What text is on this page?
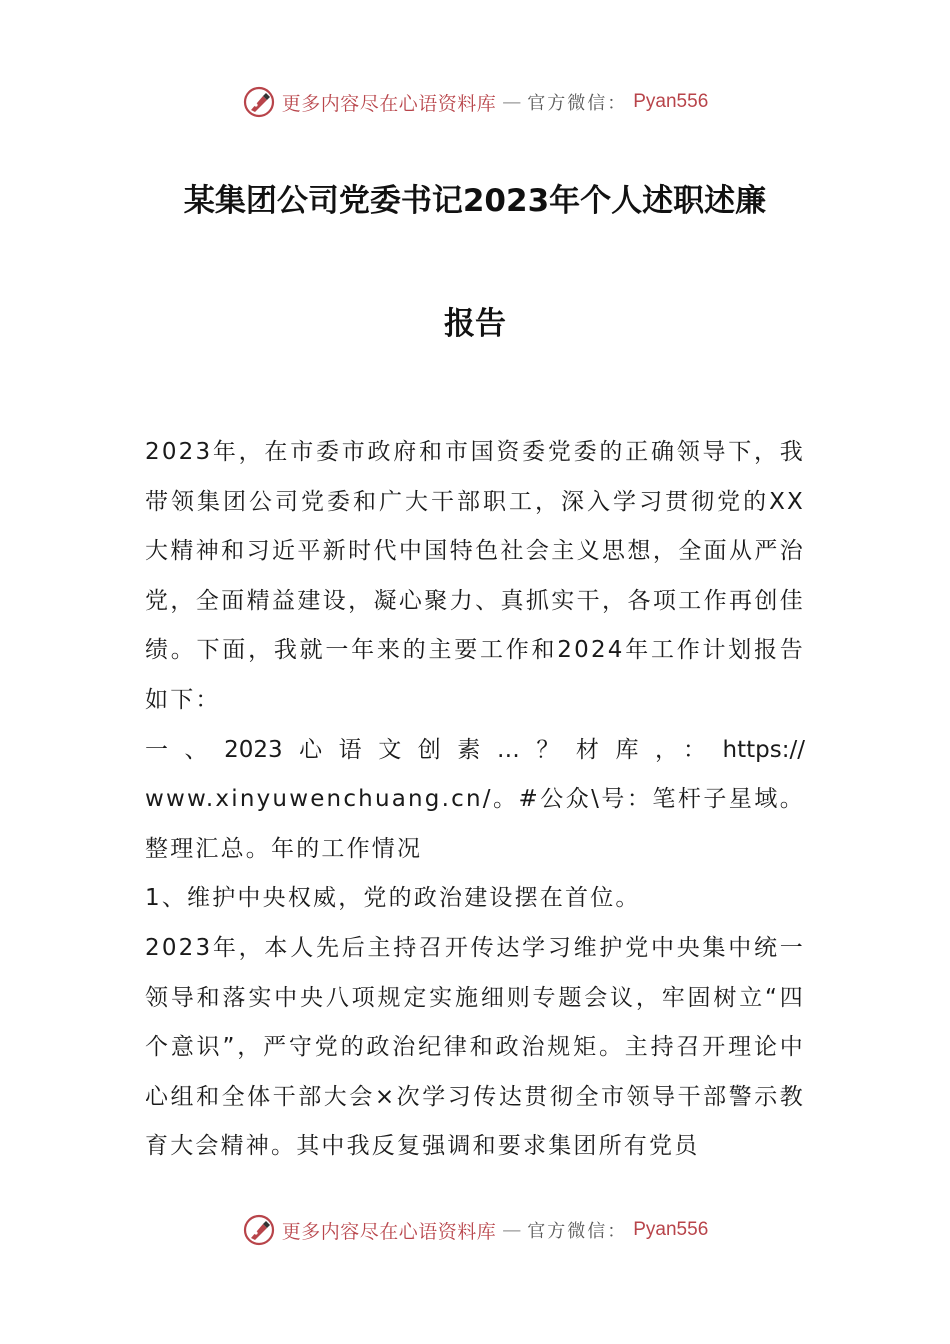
更多内容尽在心语资料库 — 官方微信： Pyan556
某集团公司党委书记2023年个人述职述廉
报告

2023年，在市委市政府和市国资委党委的正确领导下，我带领集团公司党委和广大干部职工，深入学习贯彻党的XX大精神和习近平新时代中国特色社会主义思想，全面从严治党，全面精益建设，凝心聚力、真抓实干，各项工作再创佳绩。下面，我就一年来的主要工作和2024年工作计划报告如下：

一、2023心语文创素…？材库，：https://

www.xinyuwenchuang.cn/。#公众\号：笔杆子星域。整理汇总。年的工作情况

1、维护中央权威，党的政治建设摆在首位。

2023年，本人先后主持召开传达学习维护党中央集中统一领导和落实中央八项规定实施细则专题会议，牢固树立“四个意识”，严守党的政治纪律和政治规矩。主持召开理论中心组和全体干部大会×次学习传达贯彻全市领导干部警示教育大会精神。其中我反复强调和要求集团所有党员

更多内容尽在心语资料库 — 官方微信： Pyan556
